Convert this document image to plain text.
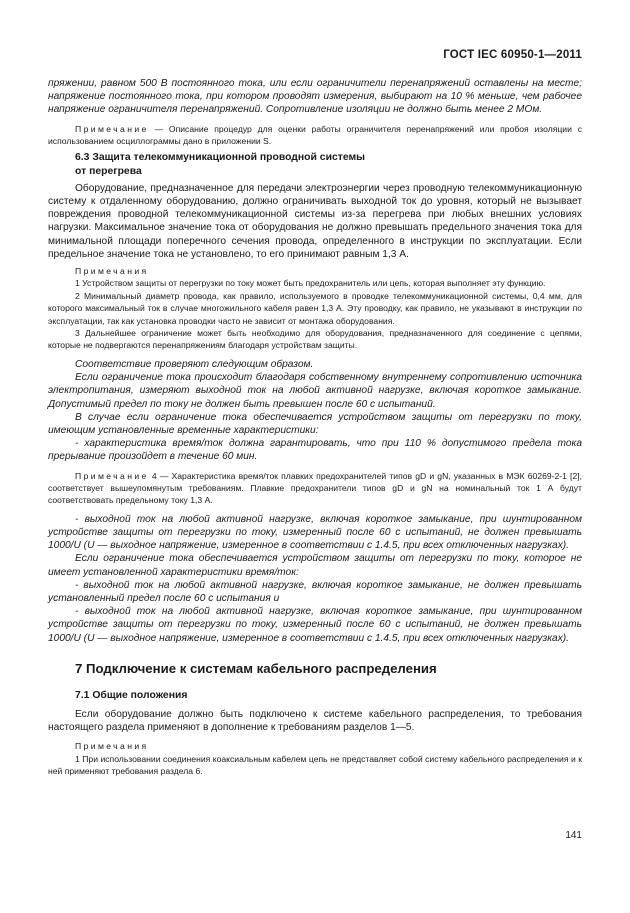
ГОСТ IEC 60950-1—2011

пряжении, равном 500 В постоянного тока, или если ограничители перенапряжений оставлены на месте; напряжение постоянного тока, при котором проводят измерения, выбирают на 10 % меньше, чем рабочее напряжение ограничителя перенапряжений. Сопротивление изоляции не должно быть менее 2 МОм.

Примечание — Описание процедур для оценки работы ограничителя перенапряжений или пробоя изоляции с использованием осциллограммы дано в приложении S.

6.3 Защита телекоммуникационной проводной системы

от перегрева

Оборудование, предназначенное для передачи электроэнергии через проводную телекоммуникационную систему к отдаленному оборудованию, должно ограничивать выходной ток до уровня, который не вызывает повреждения проводной телекоммуникационной системы из-за перегрева при любых внешних условиях нагрузки. Максимальное значение тока от оборудования не должно превышать предельного значения тока для минимальной площади поперечного сечения провода, определенного в инструкции по эксплуатации. Если предельное значение тока не установлено, то его принимают равным 1,3 А.

Примечания

1 Устройством защиты от перегрузки по току может быть предохранитель или цепь, которая выполняет эту функцию.

2 Минимальный диаметр провода, как правило, используемого в проводке телекоммуникационной системы, 0,4 мм, для которого максимальный ток в случае многожильного кабеля равен 1,3 А. Эту проводку, как правило, не указывают в инструкции по эксплуатации, так как установка проводки часто не зависит от монтажа оборудования.

3 Дальнейшее ограничение может быть необходимо для оборудования, предназначенного для соединение с цепями, которые не подвергаются перенапряжениям благодаря устройствам защиты.

Соответствие проверяют следующим образом.

Если ограничение тока происходит благодаря собственному внутреннему сопротивлению источника электропитания, измеряют выходной ток на любой активной нагрузке, включая короткое замыкание. Допустимый предел по току не должен быть превышен после 60 с испытаний.

В случае если ограничение тока обеспечивается устройством защиты от перегрузки по току, имеющим установленные временные характеристики:

- характеристика время/ток должна гарантировать, что при 110 % допустимого предела тока прерывание произойдет в течение 60 мин.

Примечание 4 — Характеристика время/ток плавких предохранителей типов gD и gN, указанных в МЭК 60269-2-1 [2], соответствует вышеупомянутым требованиям. Плавкие предохранители типов gD и gN на номинальный ток 1 А будут соответствовать предельному току 1,3 А.

- выходной ток на любой активной нагрузке, включая короткое замыкание, при шунтированном устройстве защиты от перегрузки по току, измеренный после 60 с испытаний, не должен превышать 1000/U (U — выходное напряжение, измеренное в соответствии с 1.4.5, при всех отключенных нагрузках).

Если ограничение тока обеспечивается устройством защиты от перегрузки по току, которое не имеет установленной характеристики время/ток:

- выходной ток на любой активной нагрузке, включая короткое замыкание, не должен превышать установленный предел после 60 с испытания и

- выходной ток на любой активной нагрузке, включая короткое замыкание, при шунтированном устройстве защиты от перегрузки по току, измеренный после 60 с испытаний, не должен превышать 1000/U (U — выходное напряжение, измеренное в соответствии с 1.4.5, при всех отключенных нагрузках).

7 Подключение к системам кабельного распределения

7.1 Общие положения

Если оборудование должно быть подключено к системе кабельного распределения, то требования настоящего раздела применяют в дополнение к требованиям разделов 1—5.

Примечания

1 При использовании соединения коаксиальным кабелем цепь не представляет собой систему кабельного распределения и к ней применяют требования раздела 6.

141
